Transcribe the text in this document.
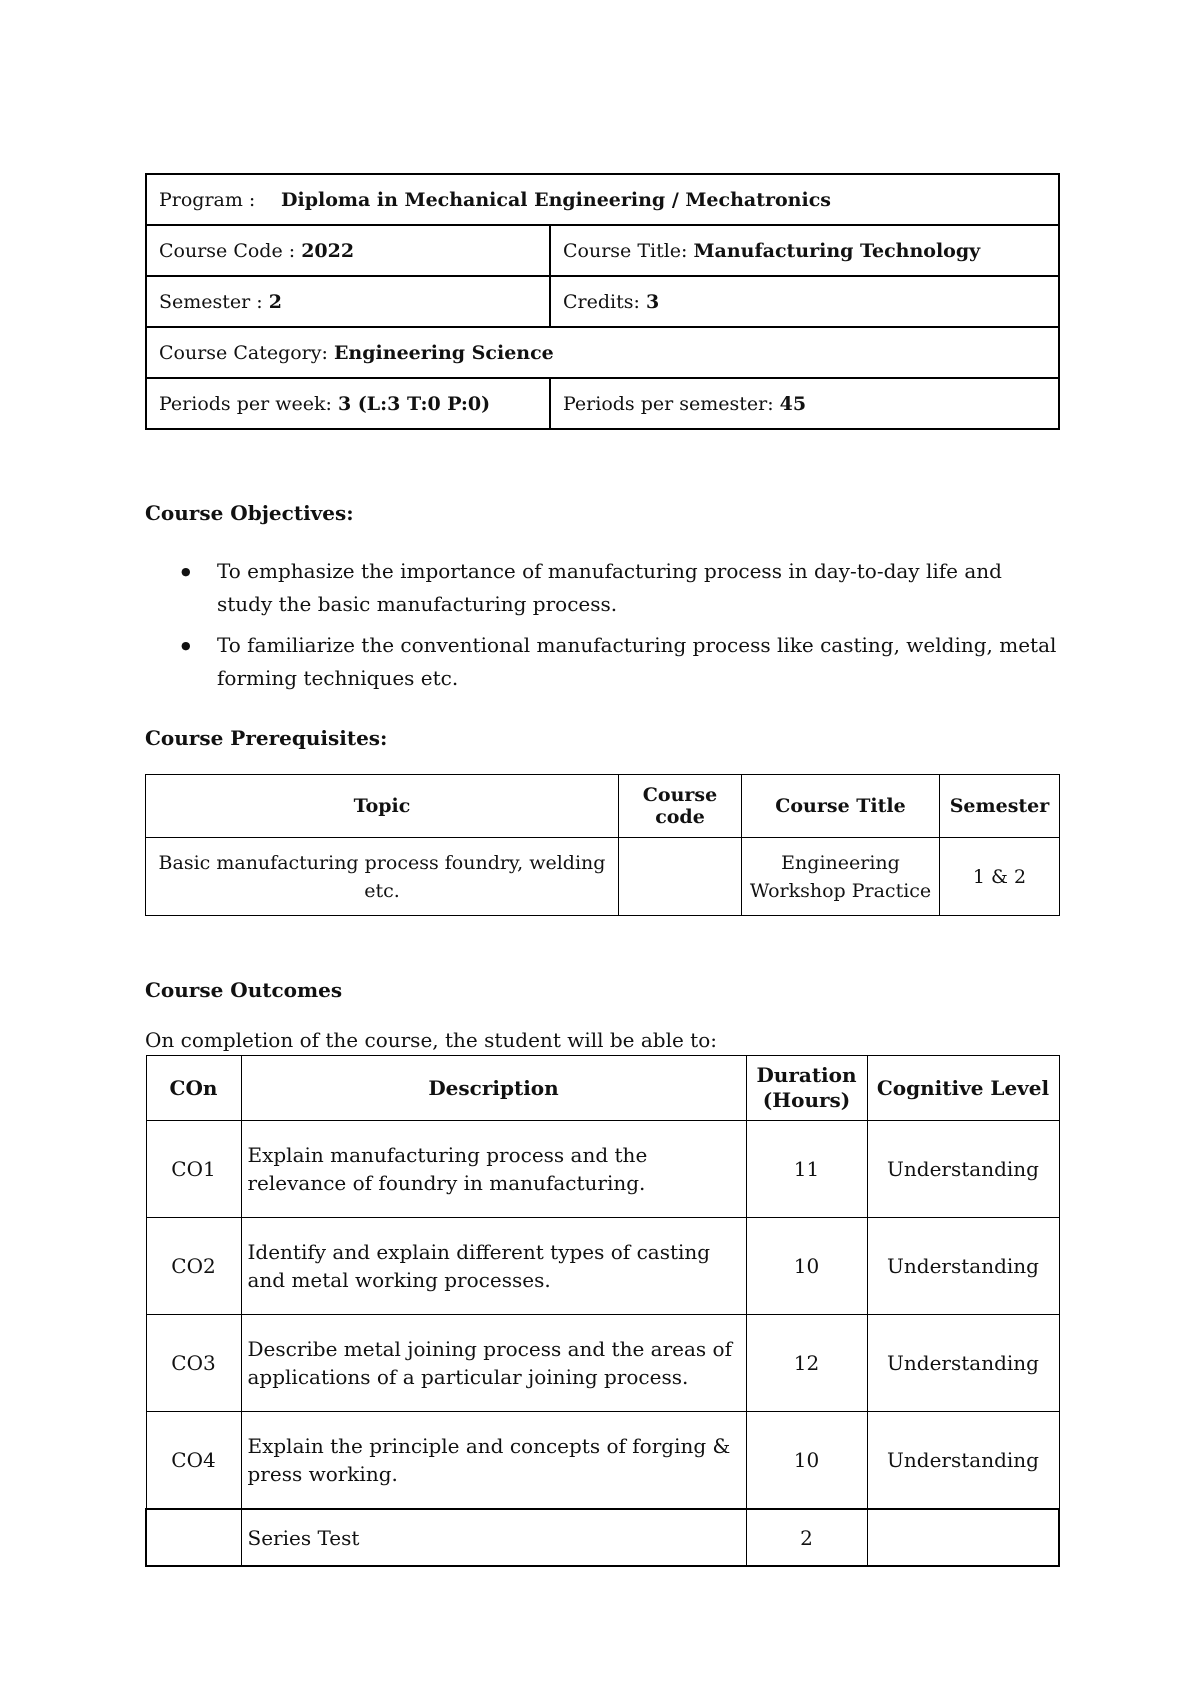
Program : Diploma in Mechanical Engineering / Mechatronics	
Course Code : 2022	Course Title: Manufacturing Technology
Semester : 2	Credits: 3
Course Category: Engineering Science	
Periods per week: 3 (L:3 T:0 P:0)	Periods per semester: 45
Course Objectives:
● To emphasize the importance of manufacturing process in day-to-day life and study the basic manufacturing process.
● To familiarize the conventional manufacturing process like casting, welding, metal forming techniques etc.
Course Prerequisites:
Topic	Course code	Course Title	Semester
Basic manufacturing process foundry, welding etc.		Engineering Workshop Practice	1 & 2
Course Outcomes
On completion of the course, the student will be able to:
COn	Description	Duration (Hours)	Cognitive Level
CO1	Explain manufacturing process and the relevance of foundry in manufacturing.	11	Understanding
CO2	Identify and explain different types of casting and metal working processes.	10	Understanding
CO3	Describe metal joining process and the areas of applications of a particular joining process.	12	Understanding
CO4	Explain the principle and concepts of forging & press working.	10	Understanding
	Series Test	2	
